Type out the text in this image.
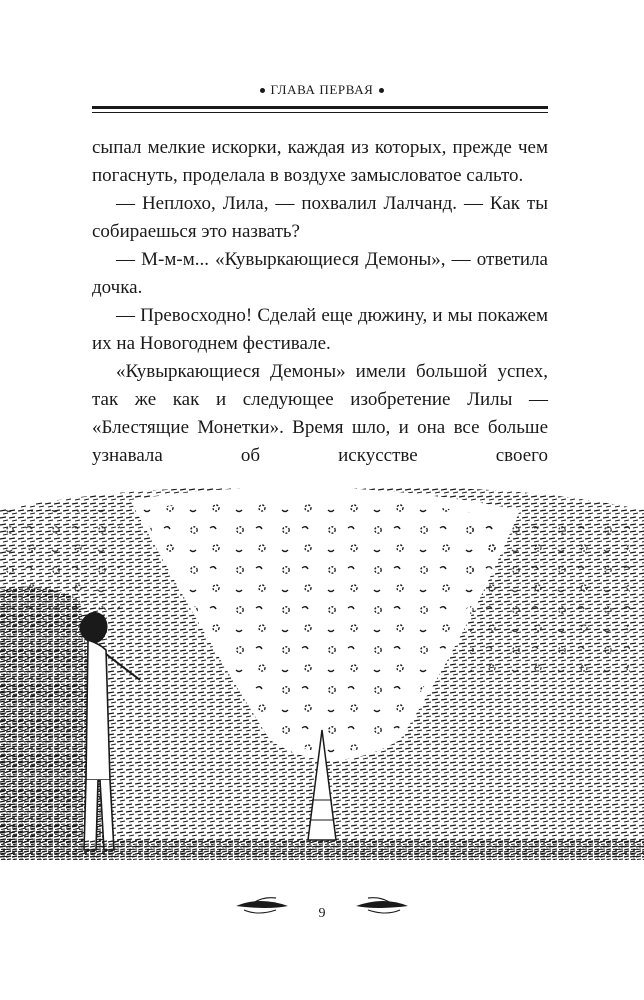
ГЛАВА ПЕРВАЯ

сыпал мелкие искорки, каждая из которых, прежде чем погаснуть, проделала в воздухе замысловатое сальто.

— Неплохо, Лила, — похвалил Лалчанд. — Как ты собираешься это назвать?

— М-м-м... «Кувыркающиеся Демоны», — ответила дочка.

— Превосходно! Сделай еще дюжину, и мы покажем их на Новогоднем фестивале.

«Кувыркающиеся Демоны» имели большой успех, так же как и следующее изобретение Лилы — «Блестящие Монетки». Время шло, и она все больше узнавала об искусстве своего

9
